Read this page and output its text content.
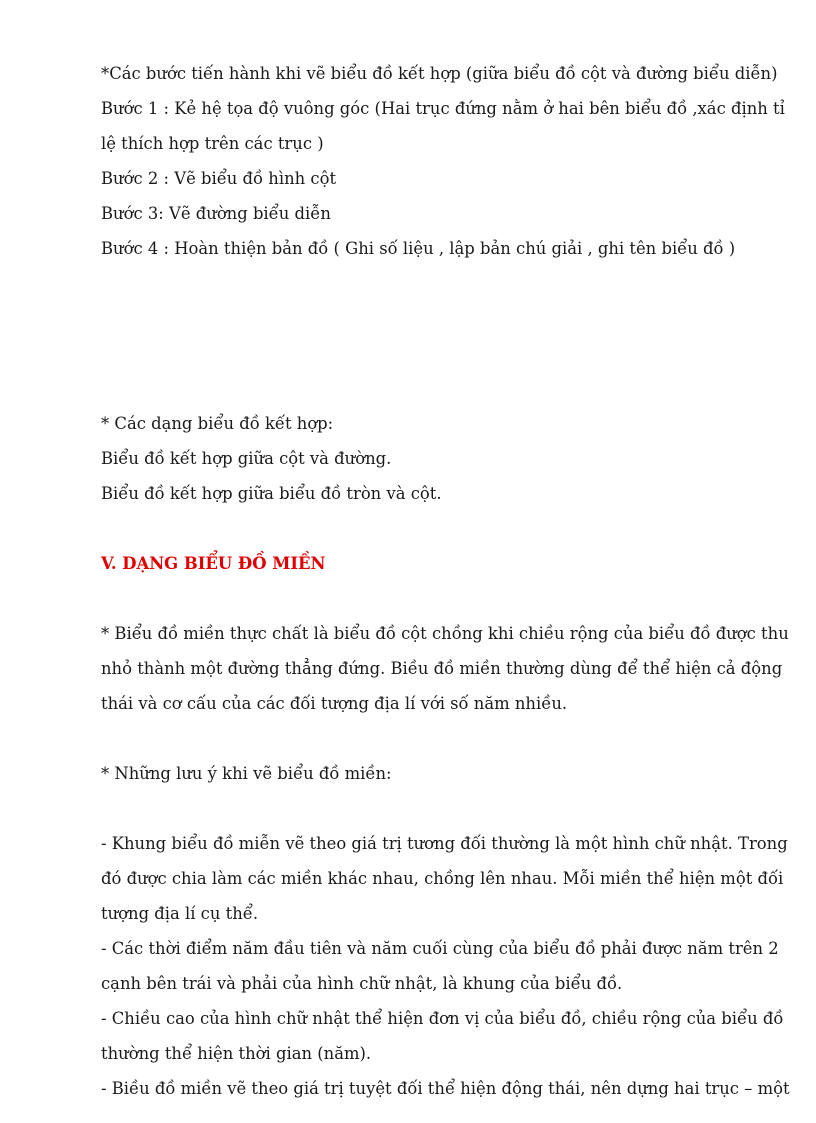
*Các bước tiến hành khi vẽ biểu đồ kết hợp (giữa biểu đồ cột và đường biểu diễn)

Bước 1 : Kẻ hệ tọa độ vuông góc (Hai trục đứng nằm ở hai bên biểu đồ ,xác định tỉ

lệ thích hợp trên các trục )

Bước 2 : Vẽ biểu đồ hình cột

Bước 3: Vẽ đường biểu diễn

Bước 4 : Hoàn thiện bản đồ ( Ghi số liệu , lập bản chú giải , ghi tên biểu đồ )

* Các dạng biểu đồ kết hợp:

Biểu đồ kết hợp giữa cột và đường.

Biểu đồ kết hợp giữa biểu đồ tròn và cột.

V. DẠNG BIỂU ĐỒ MIỀN

* Biểu đồ miền thực chất là biểu đồ cột chồng khi chiều rộng của biểu đồ được thu

nhỏ thành một đường thẳng đứng. Biều đồ miền thường dùng để thể hiện cả động

thái và cơ cấu của các đối tượng địa lí với số năm nhiều.

* Những lưu ý khi vẽ biểu đồ miền:

- Khung biểu đồ miễn vẽ theo giá trị tương đối thường là một hình chữ nhật. Trong

đó được chia làm các miền khác nhau, chồng lên nhau. Mỗi miền thể hiện một đối

tượng địa lí cụ thể.

- Các thời điểm năm đầu tiên và năm cuối cùng của biểu đồ phải được năm trên 2

cạnh bên trái và phải của hình chữ nhật, là khung của biểu đồ.

- Chiều cao của hình chữ nhật thể hiện đơn vị của biểu đồ, chiều rộng của biểu đồ

thường thể hiện thời gian (năm).

- Biều đồ miền vẽ theo giá trị tuyệt đối thể hiện động thái, nên dựng hai trục – một
